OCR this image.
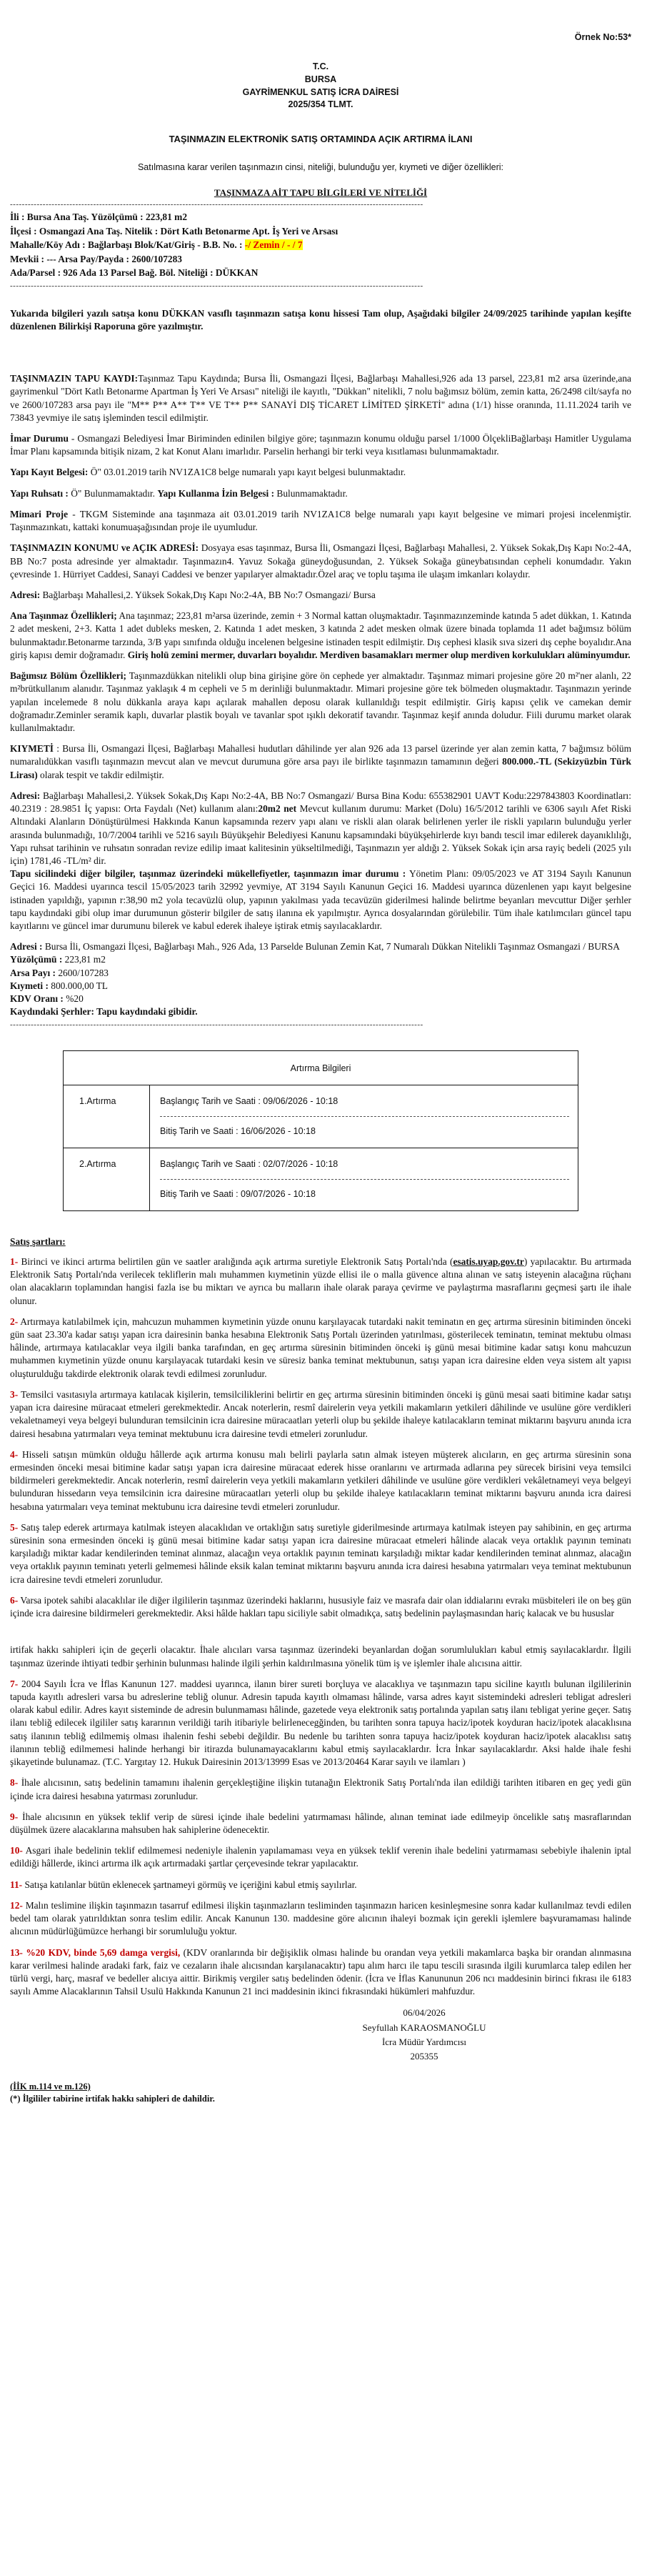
Örnek No:53*
T.C.
BURSA
GAYRİMENKUL SATIŞ İCRA DAİRESİ
2025/354 TLMT.
TAŞINMAZIN ELEKTRONİK SATIŞ ORTAMINDA AÇIK ARTIRMA İLANI
Satılmasına karar verilen taşınmazın cinsi, niteliği, bulunduğu yer, kıymeti ve diğer özellikleri:
TAŞINMAZA AİT TAPU BİLGİLERİ VE NİTELİĞİ
-------------------------------------------------------------------------------------------------------------------------------------------

İli : Bursa Ana Taş. Yüzölçümü : 223,81 m2

İlçesi : Osmangazi Ana Taş. Nitelik : Dört Katlı Betonarme Apt. İş Yeri ve Arsası

Mahalle/Köy Adı : Bağlarbaşı Blok/Kat/Giriş - B.B. No. : -/ Zemin / - / 7

Mevkii : --- Arsa Pay/Payda : 2600/107283

Ada/Parsel : 926 Ada 13 Parsel Bağ. Böl. Niteliği : DÜKKAN

-------------------------------------------------------------------------------------------------------------------------------------------

Yukarıda bilgileri yazılı satışa konu DÜKKAN vasıflı taşınmazın satışa konu hissesi Tam olup, Aşağıdaki bilgiler 24/09/2025 tarihinde yapılan keşifte düzenlenen Bilirkişi Raporuna göre yazılmıştır.

TAŞINMAZIN TAPU KAYDI:Taşınmaz Tapu Kaydında; Bursa İli, Osmangazi İlçesi, Bağlarbaşı Mahallesi,926 ada 13 parsel, 223,81 m2 arsa üzerinde,ana gayrimenkul "Dört Katlı Betonarme Apartman İş Yeri Ve Arsası" niteliği ile kayıtlı, "Dükkan" nitelikli, 7 nolu bağımsız bölüm, zemin katta, 26/2498 cilt/sayfa no ve 2600/107283 arsa payı ile "M** P** A** T** VE T** P** SANAYİ DIŞ TİCARET LİMİTED ŞİRKETİ" adına (1/1) hisse oranında, 11.11.2024 tarih ve 73843 yevmiye ile satış işleminden tescil edilmiştir.

İmar Durumu - Osmangazi Belediyesi İmar Biriminden edinilen bilgiye göre; taşınmazın konumu olduğu parsel 1/1000 ÖlçekliBağlarbaşı Hamitler Uygulama İmar Planı kapsamında bitişik nizam, 2 kat Konut Alanı imarlıdır. Parselin herhangi bir terki veya kısıtlaması bulunmamaktadır.

Yapı Kayıt Belgesi: Ö" 03.01.2019 tarih NV1ZA1C8 belge numaralı yapı kayıt belgesi bulunmaktadır.

Yapı Ruhsatı : Ö" Bulunmamaktadır. Yapı Kullanma İzin Belgesi : Bulunmamaktadır.

Mimari Proje - TKGM Sisteminde ana taşınmaza ait 03.01.2019 tarih NV1ZA1C8 belge numaralı yapı kayıt belgesine ve mimari projesi incelenmiştir. Taşınmazınkatı, kattaki konumuaşağısından proje ile uyumludur.

TAŞINMAZIN KONUMU ve AÇIK ADRESİ: Dosyaya esas taşınmaz, Bursa İli, Osmangazi İlçesi, Bağlarbaşı Mahallesi, 2. Yüksek Sokak,Dış Kapı No:2-4A, BB No:7 posta adresinde yer almaktadır. Taşınmazın4. Yavuz Sokağa güneydoğusundan, 2. Yüksek Sokağa güneybatısından cepheli konumdadır. Yakın çevresinde 1. Hürriyet Caddesi, Sanayi Caddesi ve benzer yapılaryer almaktadır.Özel araç ve toplu taşıma ile ulaşım imkanları kolaydır.

Adresi: Bağlarbaşı Mahallesi,2. Yüksek Sokak,Dış Kapı No:2-4A, BB No:7 Osmangazi/ Bursa

Ana Taşınmaz Özellikleri; Ana taşınmaz; 223,81 m²arsa üzerinde, zemin + 3 Normal kattan oluşmaktadır. Taşınmazınzeminde katında 5 adet dükkan, 1. Katında 2 adet meskeni, 2+3. Katta 1 adet dubleks mesken, 2. Katında 1 adet mesken, 3 katında 2 adet mesken olmak üzere binada toplamda 11 adet bağımsız bölüm bulunmaktadır.Betonarme tarzında, 3/B yapı sınıfında olduğu incelenen belgesine istinaden tespit edilmiştir. Dış cephesi klasik sıva sizeri dış cephe boyalıdır.Ana giriş kapısı demir doğramadır. Giriş holü zemini mermer, duvarları boyalıdır. Merdiven basamakları mermer olup merdiven korkulukları alüminyumdur.

Bağımsız Bölüm Özellikleri; Taşınmazdükkan nitelikli olup bina girişine göre ön cephede yer almaktadır. Taşınmaz mimari projesine göre 20 m²'ner alanlı, 22 m²brütkullanım alanıdır. Taşınmaz yaklaşık 4 m cepheli ve 5 m derinliği bulunmaktadır. Mimari projesine göre tek bölmeden oluşmaktadır. Taşınmazın yerinde yapılan incelemede 8 nolu dükkanla araya kapı açılarak mahallen deposu olarak kullanıldığı tespit edilmiştir. Giriş kapısı çelik ve camekan demir doğramadır.Zeminler seramik kaplı, duvarlar plastik boyalı ve tavanlar spot ışıklı dekoratif tavandır. Taşınmaz keşif anında doludur. Fiili durumu market olarak kullanılmaktadır.

KIYMETİ : Bursa İli, Osmangazi İlçesi, Bağlarbaşı Mahallesi hudutları dâhilinde yer alan 926 ada 13 parsel üzerinde yer alan zemin katta, 7 bağımsız bölüm numaralıdükkan vasıflı taşınmazın mevcut alan ve mevcut durumuna göre arsa payı ile birlikte taşınmazın tamamının değeri 800.000.-TL (Sekizyüzbin Türk Lirası) olarak tespit ve takdir edilmiştir.

Adresi: Bağlarbaşı Mahallesi,2. Yüksek Sokak,Dış Kapı No:2-4A, BB No:7 Osmangazi/ Bursa Bina Kodu: 655382901 UAVT Kodu:2297843803 Koordinatları: 40.2319 : 28.9851 İç yapısı: Orta Faydalı (Net) kullanım alanı:20m2 net Mevcut kullanım durumu: Market (Dolu) 16/5/2012 tarihli ve 6306 sayılı Afet Riski Altındaki Alanların Dönüştürülmesi Hakkında Kanun kapsamında rezerv yapı alanı ve riskli alan olarak belirlenen yerler ile riskli yapıların bulunduğu yerler arasında bulunmadığı, 10/7/2004 tarihli ve 5216 sayılı Büyükşehir Belediyesi Kanunu kapsamındaki büyükşehirlerde kıyı bandı tescil imar edilerek dayanıklılığı, Yapı ruhsat tarihinin ve ruhsatın sonradan revize edilip imaat kalitesinin yükseltilmediği, Taşınmazın yer aldığı 2. Yüksek Sokak için arsa rayiç bedeli (2025 yılı için) 1781,46 -TL/m² dir.

Tapu sicilindeki diğer bilgiler, taşınmaz üzerindeki mükellefiyetler, taşınmazın imar durumu : Yönetim Planı: 09/05/2023 ve AT 3194 Sayılı Kanunun Geçici 16. Maddesi uyarınca tescil 15/05/2023 tarih 32992 yevmiye, AT 3194 Sayılı Kanunun Geçici 16. Maddesi uyarınca düzenlenen yapı kayıt belgesine istinaden yapıldığı, yapının r:38,90 m2 yola tecavüzlü olup, yapının yakılması yada tecavüzün giderilmesi halinde belirtme beyanları mevcuttur Diğer şerhler tapu kaydındaki gibi olup imar durumunun gösterir bilgiler de satış ilanına ek yapılmıştır. Ayrıca dosyalarından görülebilir. Tüm ihale katılımcıları güncel tapu kayıtlarını ve güncel imar durumunu bilerek ve kabul ederek ihaleye iştirak etmiş sayılacaklardır.

Adresi : Bursa İli, Osmangazi İlçesi, Bağlarbaşı Mah., 926 Ada, 13 Parselde Bulunan Zemin Kat, 7 Numaralı Dükkan Nitelikli Taşınmaz Osmangazi / BURSA

Yüzölçümü : 223,81 m2
Arsa Payı : 2600/107283
Kıymeti : 800.000,00 TL
KDV Oranı : %20
Kaydındaki Şerhler: Tapu kaydındaki gibidir.
-------------------------------------------------------------------------------------------------------------------------------------------
Artırma Bilgileri
1.Artırma	Başlangıç Tarih ve Saati : 09/06/2026 - 10:18
Bitiş Tarih ve Saati : 16/06/2026 - 10:18
2.Artırma	Başlangıç Tarih ve Saati : 02/07/2026 - 10:18
Bitiş Tarih ve Saati : 09/07/2026 - 10:18
Satış şartları:

1- Birinci ve ikinci artırma belirtilen gün ve saatler aralığında açık artırma suretiyle Elektronik Satış Portalı'nda (esatis.uyap.gov.tr) yapılacaktır. Bu artırmada Elektronik Satış Portalı'nda verilecek tekliflerin malı muhammen kıymetinin yüzde ellisi ile o malla güvence altına alınan ve satış isteyenin alacağına rüçhanı olan alacakların toplamından hangisi fazla ise bu miktarı ve ayrıca bu malların ihale olarak paraya çevirme ve paylaştırma masraflarını geçmesi şartı ile ihale olunur.

2- Artırmaya katılabilmek için, mahcuzun muhammen kıymetinin yüzde onunu karşılayacak tutardaki nakit teminatın en geç artırma süresinin bitiminden önceki gün saat 23.30'a kadar satışı yapan icra dairesinin banka hesabına Elektronik Satış Portalı üzerinden yatırılması, gösterilecek teminatın, teminat mektubu olması hâlinde, artırmaya katılacaklar veya ilgili banka tarafından, en geç artırma süresinin bitiminden önceki iş günü mesai bitimine kadar satışı konu mahcuzun muhammen kıymetinin yüzde onunu karşılayacak tutardaki kesin ve süresiz banka teminat mektubunun, satışı yapan icra dairesine elden veya sistem alt yapısı oluşturulduğu takdirde elektronik olarak tevdi edilmesi zorunludur.

3- Temsilci vasıtasıyla artırmaya katılacak kişilerin, temsilciliklerini belirtir en geç artırma süresinin bitiminden önceki iş günü mesai saati bitimine kadar satışı yapan icra dairesine müracaat etmeleri gerekmektedir. Ancak noterlerin, resmî dairelerin veya yetkili makamların yetkileri dâhilinde ve usulüne göre verdikleri vekaletnameyi veya belgeyi bulunduran temsilcinin icra dairesine müracaatları yeterli olup bu şekilde ihaleye katılacakların teminat miktarını başvuru anında icra dairesi hesabına yatırmaları veya teminat mektubunu icra dairesine tevdi etmeleri zorunludur.

4- Hisseli satışın mümkün olduğu hâllerde açık artırma konusu malı belirli paylarla satın almak isteyen müşterek alıcıların, en geç artırma süresinin sona ermesinden önceki mesai bitimine kadar satışı yapan icra dairesine müracaat ederek hisse oranlarını ve artırmada adlarına pey sürecek birisini veya temsilci bildirmeleri gerekmektedir. Ancak noterlerin, resmî dairelerin veya yetkili makamların yetkileri dâhilinde ve usulüne göre verdikleri vekâletnameyi veya belgeyi bulunduran hissedarın veya temsilcinin icra dairesine müracaatları yeterli olup bu şekilde ihaleye katılacakların teminat miktarını başvuru anında icra dairesi hesabına yatırmaları veya teminat mektubunu icra dairesine tevdi etmeleri zorunludur.

5- Satış talep ederek artırmaya katılmak isteyen alacaklıdan ve ortaklığın satış suretiyle giderilmesinde artırmaya katılmak isteyen pay sahibinin, en geç artırma süresinin sona ermesinden önceki iş günü mesai bitimine kadar satışı yapan icra dairesine müracaat etmeleri hâlinde alacak veya ortaklık payının teminatı karşıladığı miktar kadar kendilerinden teminat alınmaz, alacağın veya ortaklık payının teminatı karşıladığı miktar kadar kendilerinden teminat alınmaz, alacağın veya ortaklık payının teminatı yeterli gelmemesi hâlinde eksik kalan teminat miktarını başvuru anında icra dairesi hesabına yatırmaları veya teminat mektubunun icra dairesine tevdi etmeleri zorunludur.

6- Varsa ipotek sahibi alacaklılar ile diğer ilgililerin taşınmaz üzerindeki haklarını, hususiyle faiz ve masrafa dair olan iddialarını evrakı müsbiteleri ile on beş gün içinde icra dairesine bildirmeleri gerekmektedir. Aksi hâlde hakları tapu siciliyle sabit olmadıkça, satış bedelinin paylaşmasından hariç kalacak ve bu hususlar

irtifak hakkı sahipleri için de geçerli olacaktır. İhale alıcıları varsa taşınmaz üzerindeki beyanlardan doğan sorumlulukları kabul etmiş sayılacaklardır. İlgili taşınmaz üzerinde ihtiyati tedbir şerhinin bulunması halinde ilgili şerhin kaldırılmasına yönelik tüm iş ve işlemler ihale alıcısına aittir.

7- 2004 Sayılı İcra ve İflas Kanunun 127. maddesi uyarınca, ilanın birer sureti borçluya ve alacaklıya ve taşınmazın tapu siciline kayıtlı bulunan ilgililerinin tapuda kayıtlı adresleri varsa bu adreslerine tebliğ olunur. Adresin tapuda kayıtlı olmaması hâlinde, varsa adres kayıt sistemindeki adresleri tebligat adresleri olarak kabul edilir. Adres kayıt sisteminde de adresin bulunmaması hâlinde, gazetede veya elektronik satış portalında yapılan satış ilanı tebligat yerine geçer. Satış ilanı tebliğ edilecek ilgililer satış kararının verildiği tarih itibariyle belirlenecegğinden, bu tarihten sonra tapuya haciz/ipotek koyduran haciz/ipotek alacaklısına satış ilanının tebliğ edilmemiş olması ihalenin feshi sebebi değildir. Bu nedenle bu tarihten sonra tapuya haciz/ipotek koyduran haciz/ipotek alacaklısı satış ilanının tebliğ edilmemesi halinde herhangi bir itirazda bulunamayacaklarını kabul etmiş sayılacaklardır. İcra İnkar sayılacaklardır. Aksi halde ihale feshi şikayetinde bulunamaz. (T.C. Yargıtay 12. Hukuk Dairesinin 2013/13999 Esas ve 2013/20464 Karar sayılı ve ilamları )

8- İhale alıcısının, satış bedelinin tamamını ihalenin gerçekleştiğine ilişkin tutanağın Elektronik Satış Portalı'nda ilan edildiği tarihten itibaren en geç yedi gün içinde icra dairesi hesabına yatırması zorunludur.

9- İhale alıcısının en yüksek teklif verip de süresi içinde ihale bedelini yatırmaması hâlinde, alınan teminat iade edilmeyip öncelikle satış masraflarından düşülmek üzere alacaklarına mahsuben hak sahiplerine ödenecektir.

10- Asgari ihale bedelinin teklif edilmemesi nedeniyle ihalenin yapılamaması veya en yüksek teklif verenin ihale bedelini yatırmaması sebebiyle ihalenin iptal edildiği hâllerde, ikinci artırma ilk açık artırmadaki şartlar çerçevesinde tekrar yapılacaktır.

11- Satışa katılanlar bütün eklenecek şartnameyi görmüş ve içeriğini kabul etmiş sayılırlar.

12- Malın teslimine ilişkin taşınmazın tasarruf edilmesi ilişkin taşınmazların tesliminden taşınmazın haricen kesinleşmesine sonra kadar kullanılmaz tevdi edilen bedel tam olarak yatırıldıktan sonra teslim edilir. Ancak Kanunun 130. maddesine göre alıcının ihaleyi bozmak için gerekli işlemlere başvuramaması halinde alıcının müdürlüğümüzce herhangi bir sorumluluğu yoktur.

13- %20 KDV, binde 5,69 damga vergisi, (KDV oranlarında bir değişiklik olması halinde bu orandan veya yetkili makamlarca başka bir orandan alınmasına karar verilmesi halinde aradaki fark, faiz ve cezaların ihale alıcısından karşılanacaktır) tapu alım harcı ile tapu tescili sırasında ilgili kurumlarca talep edilen her türlü vergi, harç, masraf ve bedeller alıcıya aittir. Birikmiş vergiler satış bedelinden ödenir. (İcra ve İflas Kanununun 206 ncı maddesinin birinci fıkrası ile 6183 sayılı Amme Alacaklarının Tahsil Usulü Hakkında Kanunun 21 inci maddesinin ikinci fıkrasındaki hükümleri mahfuzdur.

06/04/2026
Seyfullah KARAOSMANOĞLU
İcra Müdür Yardımcısı
205355
(İİK m.114 ve m.126)
(*) İlgililer tabirine irtifak hakkı sahipleri de dahildir.
